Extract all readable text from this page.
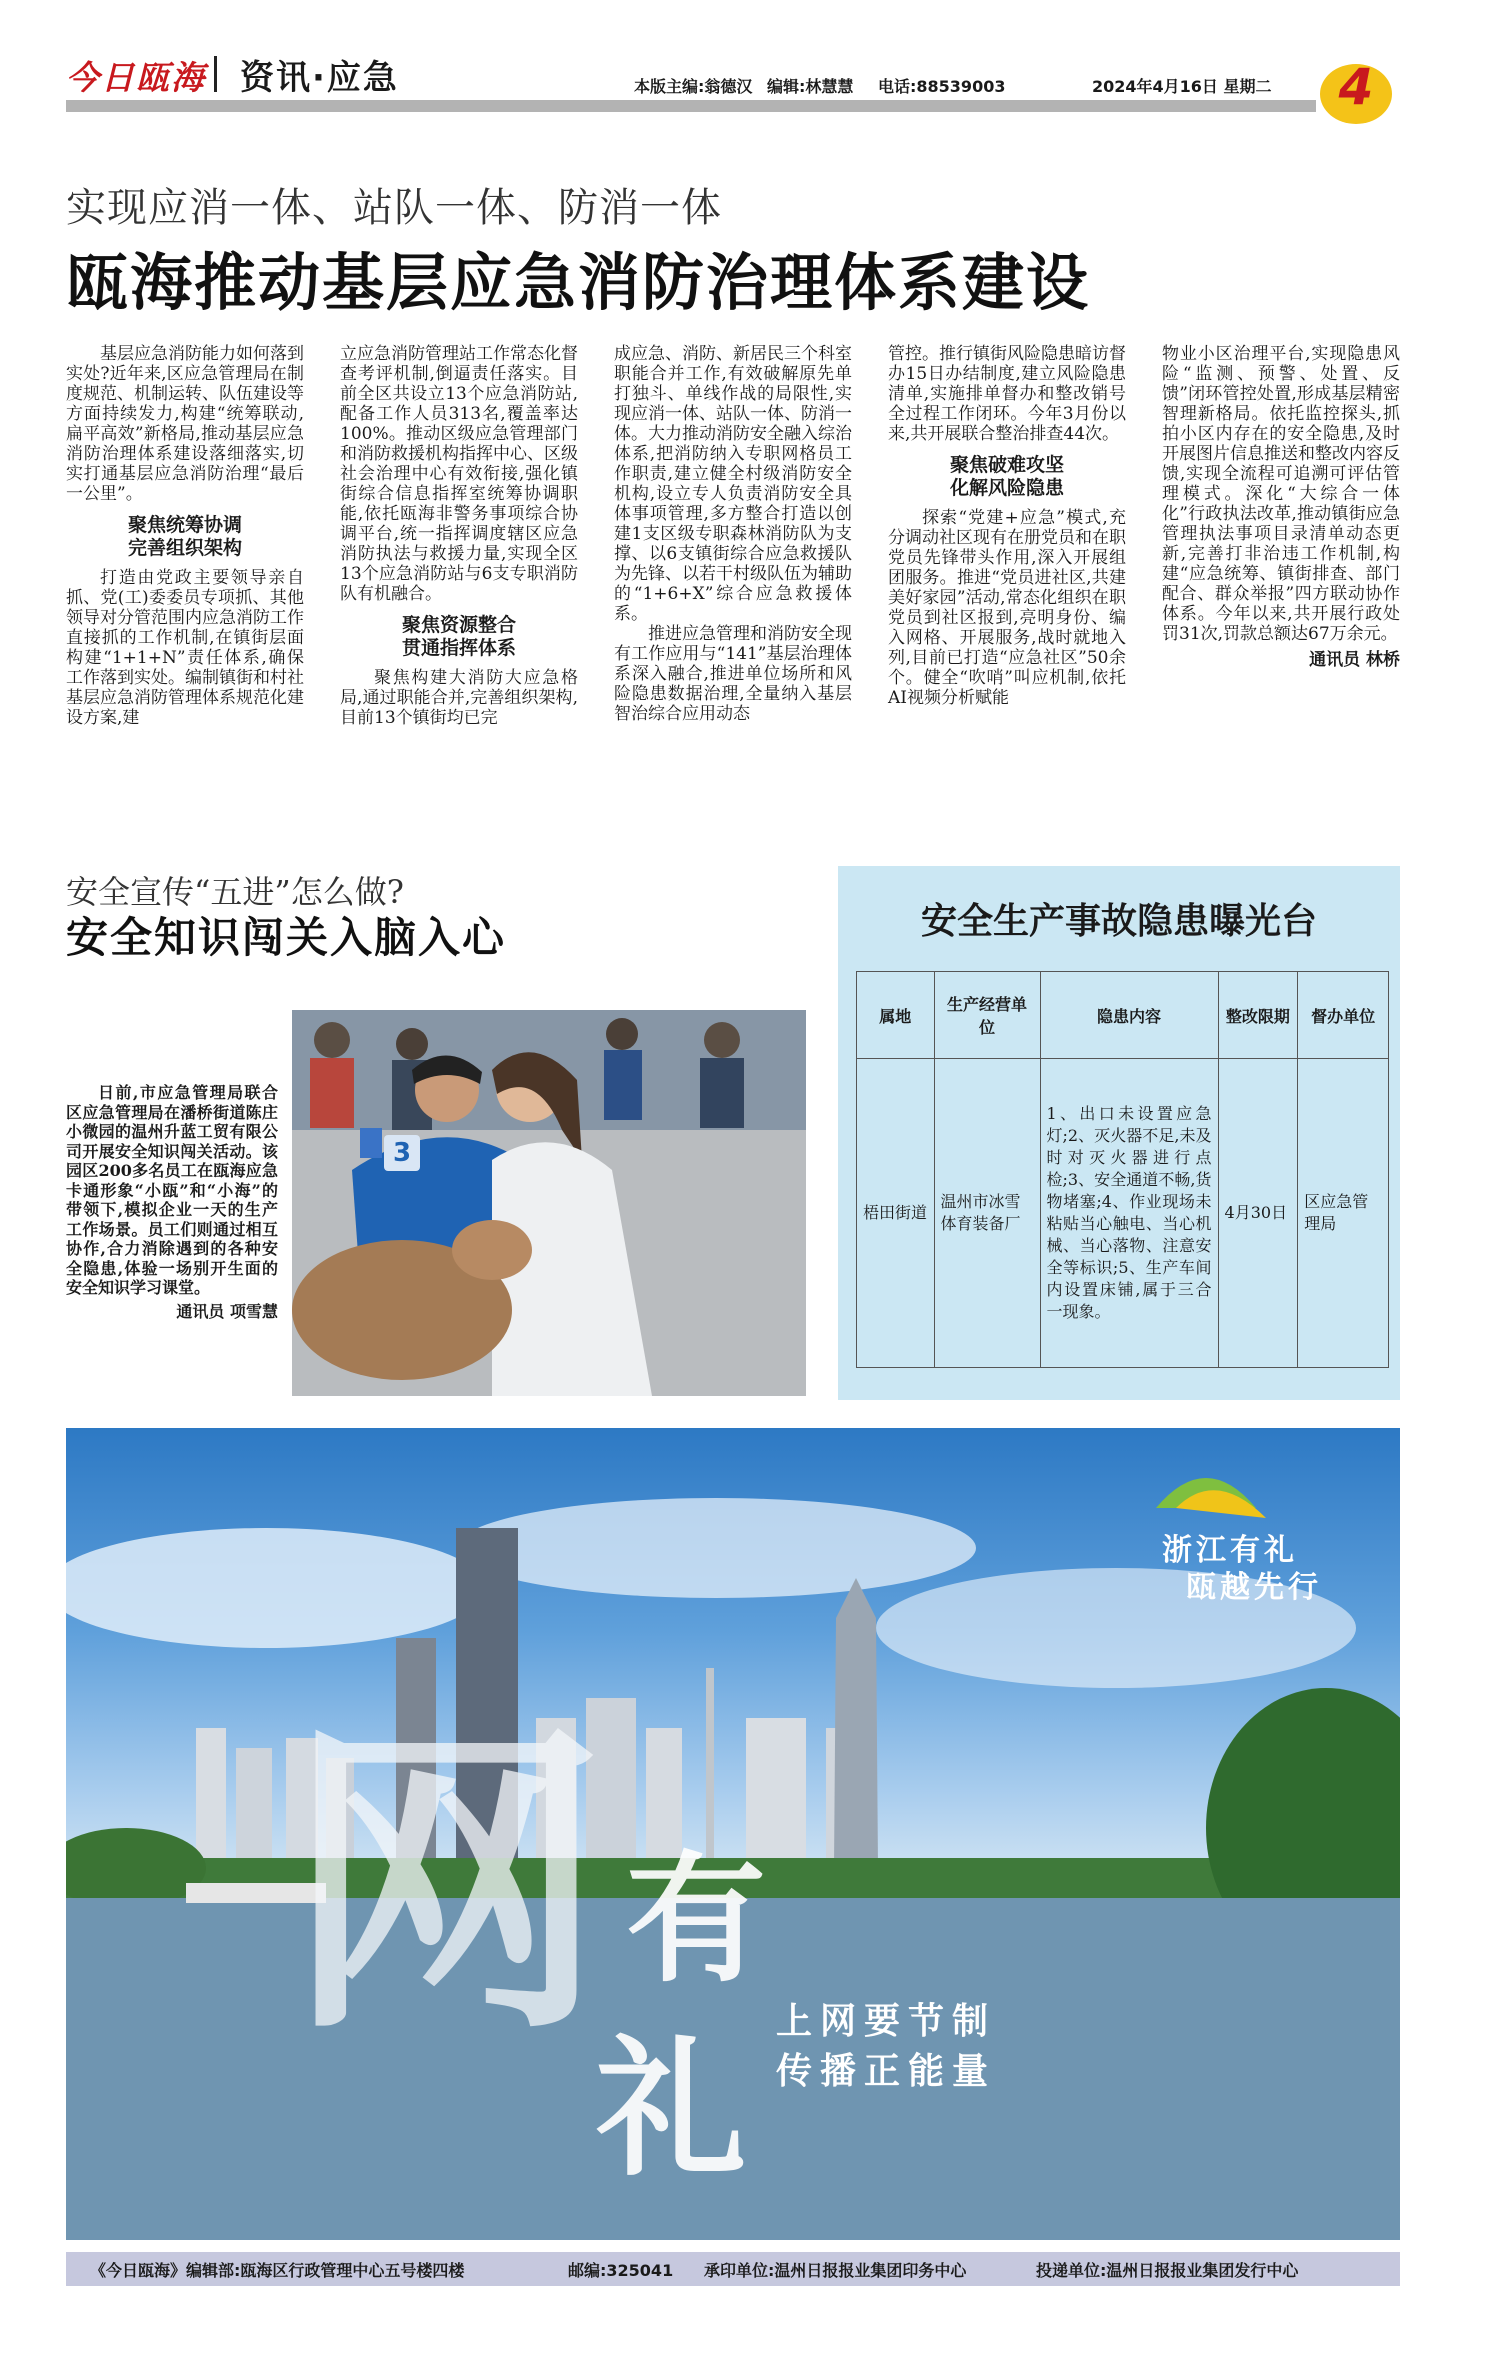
今日瓯海 资讯·应急	本版主编:翁德汉 编辑:林慧慧 电话:88539003	2024年4月16日 星期二	4
实现应消一体、站队一体、防消一体
瓯海推动基层应急消防治理体系建设

基层应急消防能力如何落到实处?近年来,区应急管理局在制度规范、机制运转、队伍建设等方面持续发力,构建“统筹联动,扁平高效”新格局,推动基层应急消防治理体系建设落细落实,切实打通基层应急消防治理“最后一公里”。

聚焦统筹协调
完善组织架构

打造由党政主要领导亲自抓、党(工)委委员专项抓、其他领导对分管范围内应急消防工作直接抓的工作机制,在镇街层面构建“1+1+N”责任体系,确保工作落到实处。编制镇街和村社基层应急消防管理体系规范化建设方案,建

立应急消防管理站工作常态化督查考评机制,倒逼责任落实。目前全区共设立13个应急消防站,配备工作人员313名,覆盖率达100%。推动区级应急管理部门和消防救援机构指挥中心、区级社会治理中心有效衔接,强化镇街综合信息指挥室统筹协调职能,依托瓯海非警务事项综合协调平台,统一指挥调度辖区应急消防执法与救援力量,实现全区13个应急消防站与6支专职消防队有机融合。

聚焦资源整合
贯通指挥体系

聚焦构建大消防大应急格局,通过职能合并,完善组织架构,目前13个镇街均已完

成应急、消防、新居民三个科室职能合并工作,有效破解原先单打独斗、单线作战的局限性,实现应消一体、站队一体、防消一体。大力推动消防安全融入综治体系,把消防纳入专职网格员工作职责,建立健全村级消防安全机构,设立专人负责消防安全具体事项管理,多方整合打造以创建1支区级专职森林消防队为支撑、以6支镇街综合应急救援队为先锋、以若干村级队伍为辅助的“1+6+X”综合应急救援体系。

推进应急管理和消防安全现有工作应用与“141”基层治理体系深入融合,推进单位场所和风险隐患数据治理,全量纳入基层智治综合应用动态

管控。推行镇街风险隐患暗访督办15日办结制度,建立风险隐患清单,实施排单督办和整改销号全过程工作闭环。今年3月份以来,共开展联合整治排查44次。

聚焦破难攻坚
化解风险隐患

探索“党建+应急”模式,充分调动社区现有在册党员和在职党员先锋带头作用,深入开展组团服务。推进“党员进社区,共建美好家园”活动,常态化组织在职党员到社区报到,亮明身份、编入网格、开展服务,战时就地入列,目前已打造“应急社区”50余个。健全“吹哨”叫应机制,依托AI视频分析赋能

物业小区治理平台,实现隐患风险“监测、预警、处置、反馈”闭环管控处置,形成基层精密智理新格局。依托监控探头,抓拍小区内存在的安全隐患,及时开展图片信息推送和整改内容反馈,实现全流程可追溯可评估管理模式。深化“大综合一体化”行政执法改革,推动镇街应急管理执法事项目录清单动态更新,完善打非治违工作机制,构建“应急统筹、镇街排查、部门配合、群众举报”四方联动协作体系。今年以来,共开展行政处罚31次,罚款总额达67万余元。

通讯员 林桥

安全宣传“五进”怎么做?
安全知识闯关入脑入心

日前,市应急管理局联合区应急管理局在潘桥街道陈庄小微园的温州升蓝工贸有限公司开展安全知识闯关活动。该园区200多名员工在瓯海应急卡通形象“小瓯”和“小海”的带领下,模拟企业一天的生产工作场景。员工们则通过相互协作,合力消除遇到的各种安全隐患,体验一场别开生面的安全知识学习课堂。

通讯员 项雪慧

3
安全生产事故隐患曝光台
属地	生产经营单位	隐患内容	整改限期	督办单位
梧田街道	温州市冰雪体育装备厂	1、出口未设置应急灯;2、灭火器不足,未及时对灭火器进行点检;3、安全通道不畅,货物堵塞;4、作业现场未粘贴当心触电、当心机械、当心落物、注意安全等标识;5、生产车间内设置床铺,属于三合一现象。	4月30日	区应急管理局
网 有
礼
浙江有礼
瓯越先行
上网要节制
传播正能量
《今日瓯海》编辑部:瓯海区行政管理中心五号楼四楼	邮编:325041 承印单位:温州日报报业集团印务中心	投递单位:温州日报报业集团发行中心
